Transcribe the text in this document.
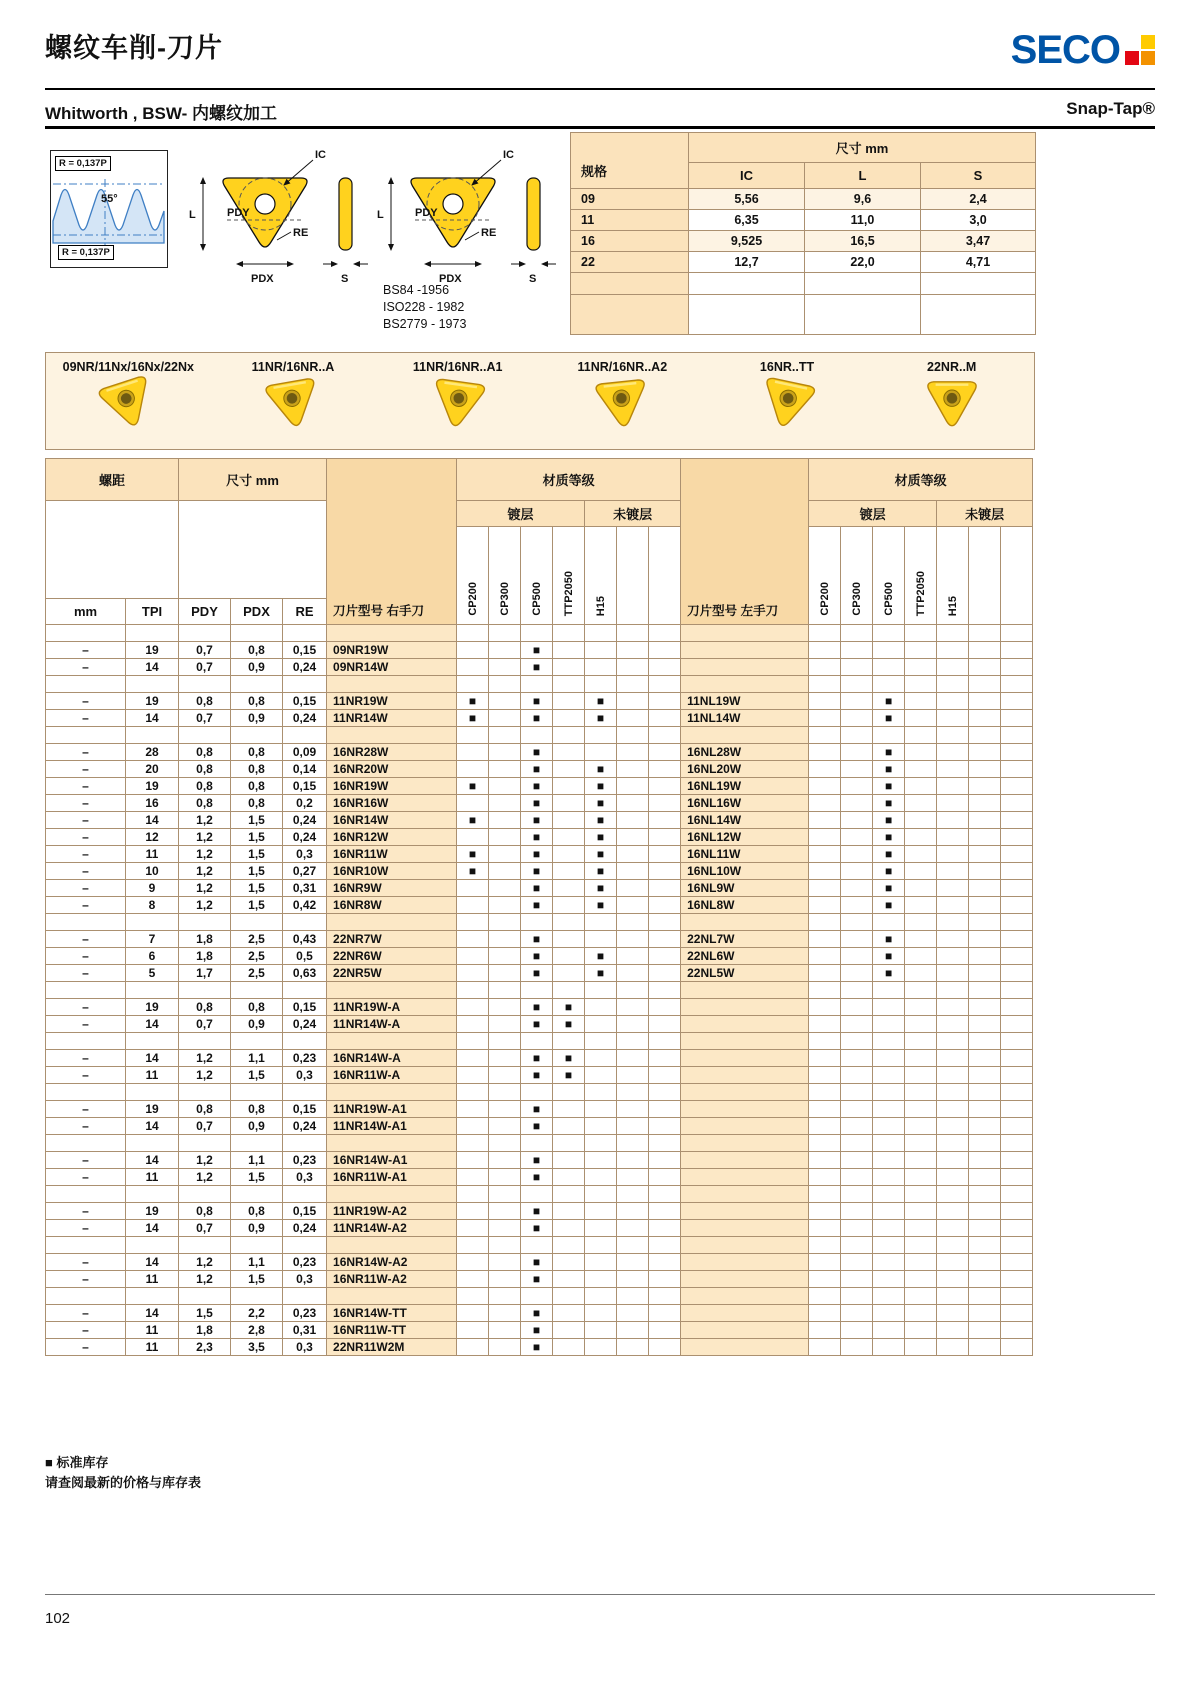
螺纹车削-刀片	SECO
Whitworth , BSW- 内螺纹加工	Snap-Tap®
R = 0,137P
55°
R = 0,137P
L
IC
PDY
RE
PDX	S
L
IC
PDY
RE
PDX	S
BS84 -1956
ISO228 - 1982
BS2779 - 1973
规格	尺寸 mm		
	IC	L	S
09	5,56	9,6	2,4
11	6,35	11,0	3,0
16	9,525	16,5	3,47
22	12,7	22,0	4,71

09NR/11Nx/16Nx/22Nx	11NR/16NR..A	11NR/16NR..A1	11NR/16NR..A2	16NR..TT	22NR..M
螺距		尺寸 mm			刀片型号 右手刀	材质等级							刀片型号 左手刀	材质等级						
						镀层				未镀层				镀层				未镀层		
						CP200	CP300	CP500	TTP2050	H15				CP200	CP300	CP500	TTP2050	H15		
mm	TPI	PDY	PDX	RE																

–	19	0,7	0,8	0,15	09NR19W			■												
–	14	0,7	0,9	0,24	09NR14W			■												

–	19	0,8	0,8	0,15	11NR19W	■		■		■			11NL19W			■				
–	14	0,7	0,9	0,24	11NR14W	■		■		■			11NL14W			■				

–	28	0,8	0,8	0,09	16NR28W			■					16NL28W			■				
–	20	0,8	0,8	0,14	16NR20W			■		■			16NL20W			■				
–	19	0,8	0,8	0,15	16NR19W	■		■		■			16NL19W			■				
–	16	0,8	0,8	0,2	16NR16W			■		■			16NL16W			■				
–	14	1,2	1,5	0,24	16NR14W	■		■		■			16NL14W			■				
–	12	1,2	1,5	0,24	16NR12W			■		■			16NL12W			■				
–	11	1,2	1,5	0,3	16NR11W	■		■		■			16NL11W			■				
–	10	1,2	1,5	0,27	16NR10W	■		■		■			16NL10W			■				
–	9	1,2	1,5	0,31	16NR9W			■		■			16NL9W			■				
–	8	1,2	1,5	0,42	16NR8W			■		■			16NL8W			■				

–	7	1,8	2,5	0,43	22NR7W			■					22NL7W			■				
–	6	1,8	2,5	0,5	22NR6W			■		■			22NL6W			■				
–	5	1,7	2,5	0,63	22NR5W			■		■			22NL5W			■				

–	19	0,8	0,8	0,15	11NR19W-A			■	■											
–	14	0,7	0,9	0,24	11NR14W-A			■	■											

–	14	1,2	1,1	0,23	16NR14W-A			■	■											
–	11	1,2	1,5	0,3	16NR11W-A			■	■											

–	19	0,8	0,8	0,15	11NR19W-A1			■												
–	14	0,7	0,9	0,24	11NR14W-A1			■												

–	14	1,2	1,1	0,23	16NR14W-A1			■												
–	11	1,2	1,5	0,3	16NR11W-A1			■												

–	19	0,8	0,8	0,15	11NR19W-A2			■												
–	14	0,7	0,9	0,24	11NR14W-A2			■												

–	14	1,2	1,1	0,23	16NR14W-A2			■												
–	11	1,2	1,5	0,3	16NR11W-A2			■												

–	14	1,5	2,2	0,23	16NR14W-TT			■												
–	11	1,8	2,8	0,31	16NR11W-TT			■												
–	11	2,3	3,5	0,3	22NR11W2M			■												
■ 标准库存
请查阅最新的价格与库存表
102
